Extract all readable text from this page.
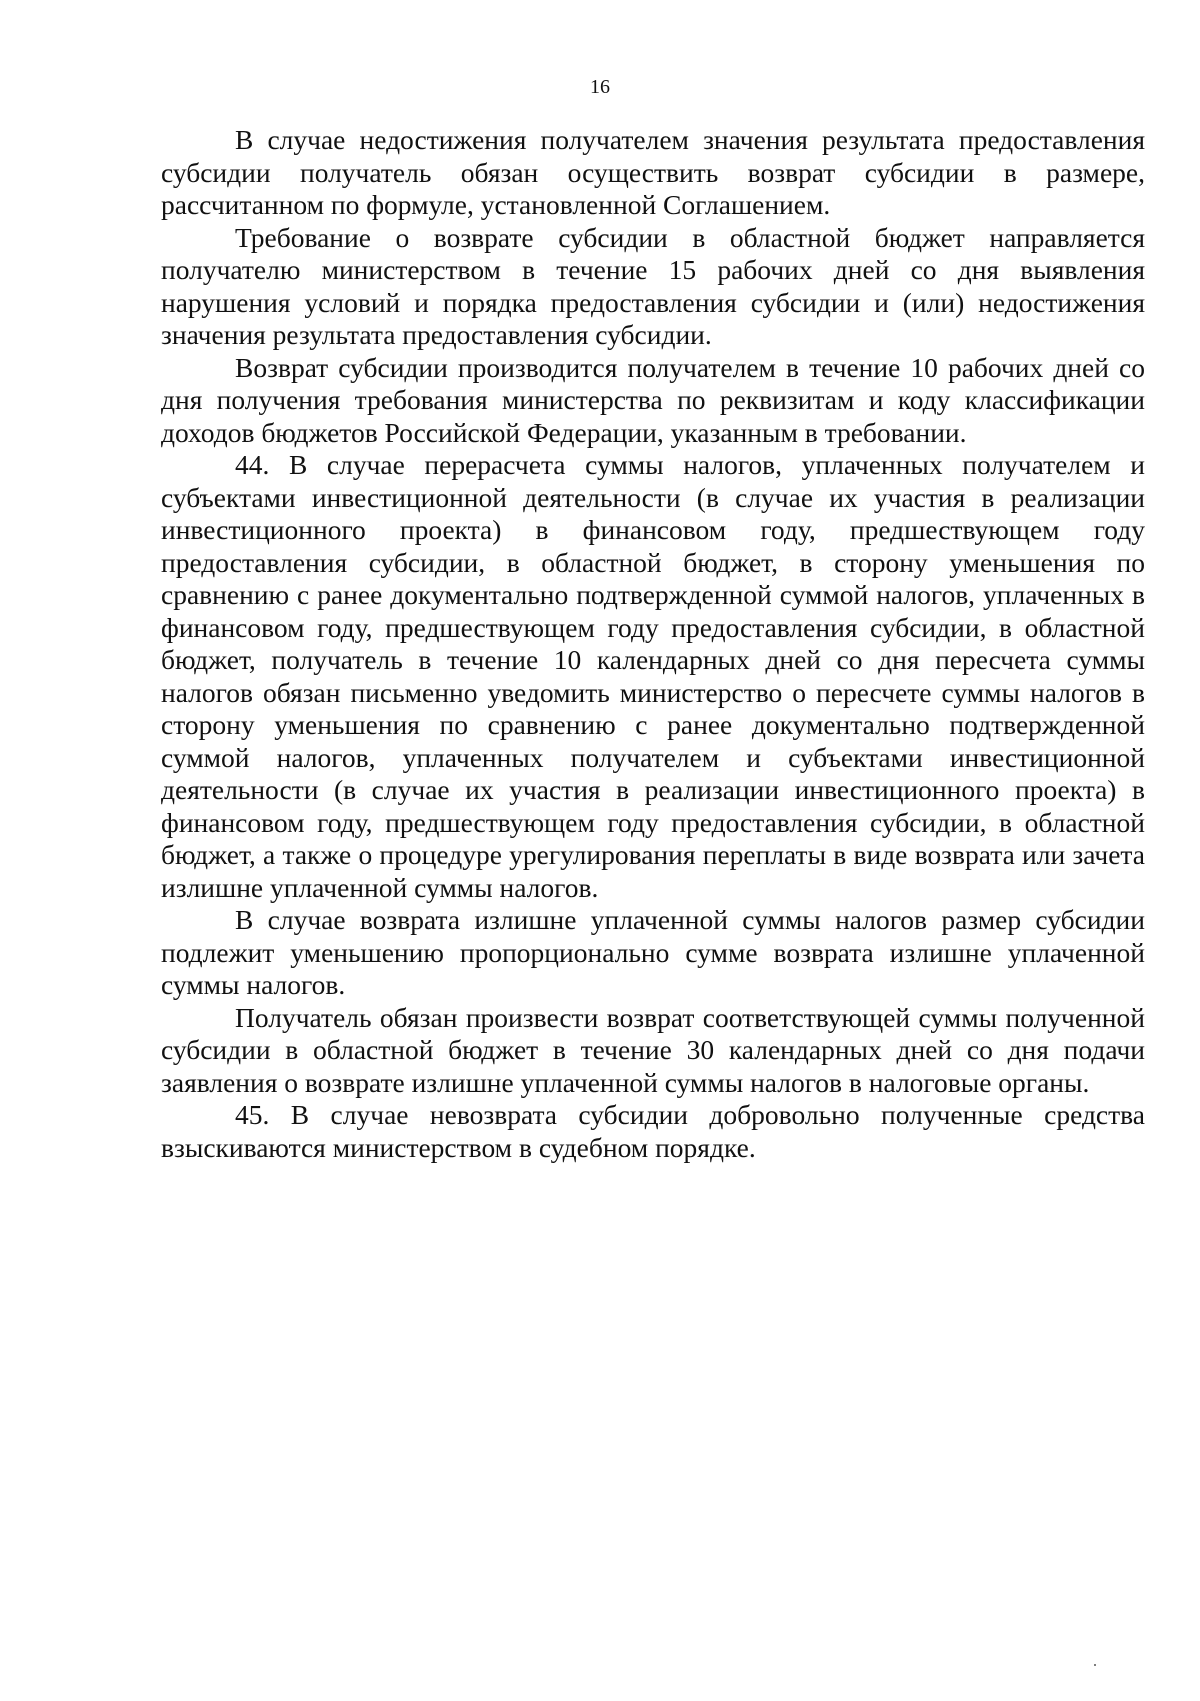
16

В случае недостижения получателем значения результата предоставления субсидии получатель обязан осуществить возврат субсидии в размере, рассчитанном по формуле, установленной Соглашением.

Требование о возврате субсидии в областной бюджет направляется получателю министерством в течение 15 рабочих дней со дня выявления нарушения условий и порядка предоставления субсидии и (или) недостижения значения результата предоставления субсидии.

Возврат субсидии производится получателем в течение 10 рабочих дней со дня получения требования министерства по реквизитам и коду классификации доходов бюджетов Российской Федерации, указанным в требовании.

44. В случае перерасчета суммы налогов, уплаченных получателем и субъектами инвестиционной деятельности (в случае их участия в реализации инвестиционного проекта) в финансовом году, предшествующем году предоставления субсидии, в областной бюджет, в сторону уменьшения по сравнению с ранее документально подтвержденной суммой налогов, уплаченных в финансовом году, предшествующем году предоставления субсидии, в областной бюджет, получатель в течение 10 календарных дней со дня пересчета суммы налогов обязан письменно уведомить министерство о пересчете суммы налогов в сторону уменьшения по сравнению с ранее документально подтвержденной суммой налогов, уплаченных получателем и субъектами инвестиционной деятельности (в случае их участия в реализации инвестиционного проекта) в финансовом году, предшествующем году предоставления субсидии, в областной бюджет, а также о процедуре урегулирования переплаты в виде возврата или зачета излишне уплаченной суммы налогов.

В случае возврата излишне уплаченной суммы налогов размер субсидии подлежит уменьшению пропорционально сумме возврата излишне уплаченной суммы налогов.

Получатель обязан произвести возврат соответствующей суммы полученной субсидии в областной бюджет в течение 30 календарных дней со дня подачи заявления о возврате излишне уплаченной суммы налогов в налоговые органы.

45. В случае невозврата субсидии добровольно полученные средства взыскиваются министерством в судебном порядке.
